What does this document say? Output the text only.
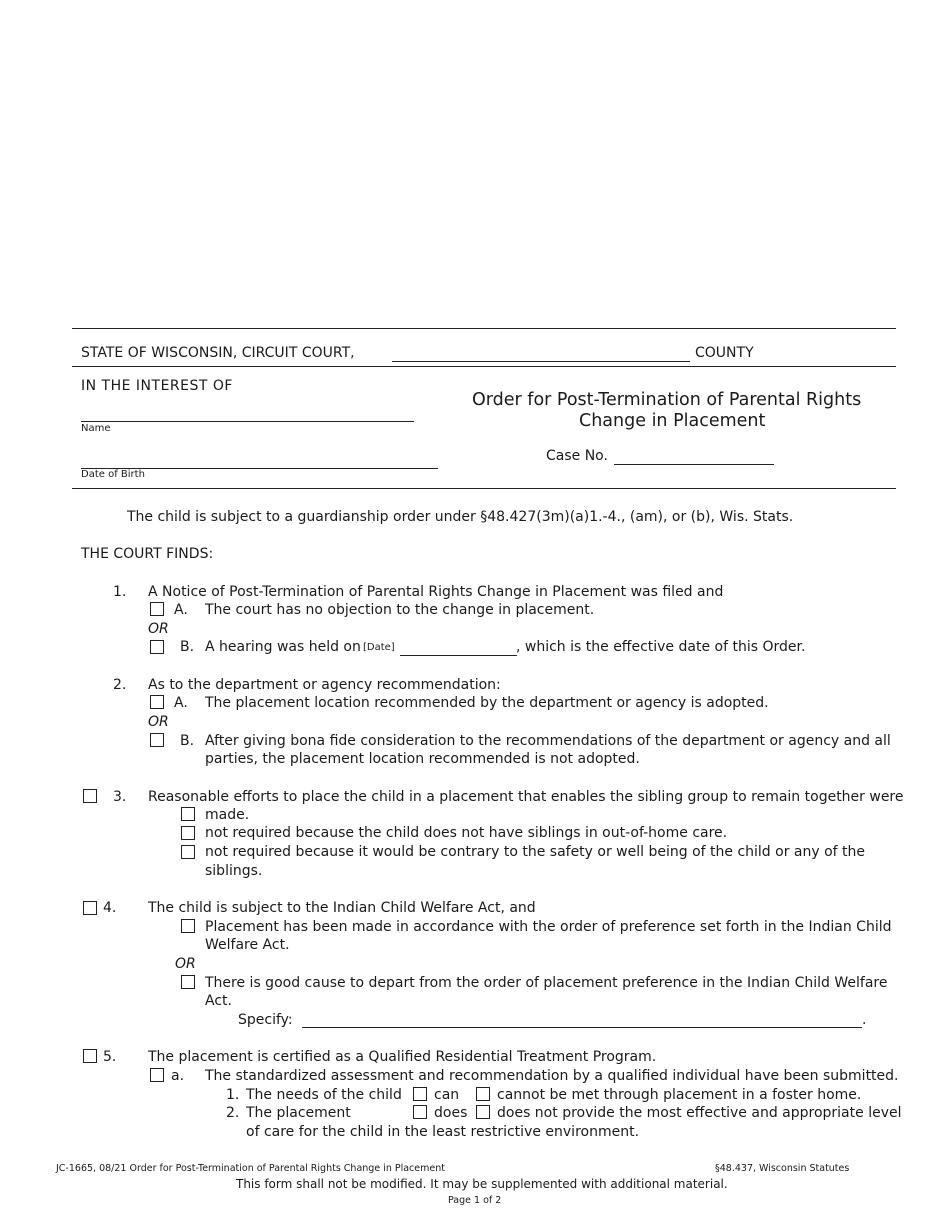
STATE OF WISCONSIN, CIRCUIT COURT,	COUNTY
IN THE INTEREST OF
Name
Date of Birth
Order for Post-Termination of Parental Rights
Change in Placement
Case No.
The child is subject to a guardianship order under §48.427(3m)(a)1.-4., (am), or (b), Wis. Stats.
THE COURT FINDS:
1. A Notice of Post-Termination of Parental Rights Change in Placement was filed and
A. The court has no objection to the change in placement.
OR
B. A hearing was held on [Date]	, which is the effective date of this Order.
2. As to the department or agency recommendation:
A. The placement location recommended by the department or agency is adopted.
OR
B. After giving bona fide consideration to the recommendations of the department or agency and all
parties, the placement location recommended is not adopted.
3. Reasonable efforts to place the child in a placement that enables the sibling group to remain together were
made.
not required because the child does not have siblings in out-of-home care.
not required because it would be contrary to the safety or well being of the child or any of the
siblings.
4. The child is subject to the Indian Child Welfare Act, and
Placement has been made in accordance with the order of preference set forth in the Indian Child
Welfare Act.
OR
There is good cause to depart from the order of placement preference in the Indian Child Welfare
Act.
Specify:	.
5. The placement is certified as a Qualified Residential Treatment Program.
a. The standardized assessment and recommendation by a qualified individual have been submitted.
1. The needs of the child can	cannot be met through placement in a foster home.
2. The placement	does does not provide the most effective and appropriate level
of care for the child in the least restrictive environment.
JC-1665, 08/21 Order for Post-Termination of Parental Rights Change in Placement	§48.437, Wisconsin Statutes
This form shall not be modified. It may be supplemented with additional material.
Page 1 of 2
